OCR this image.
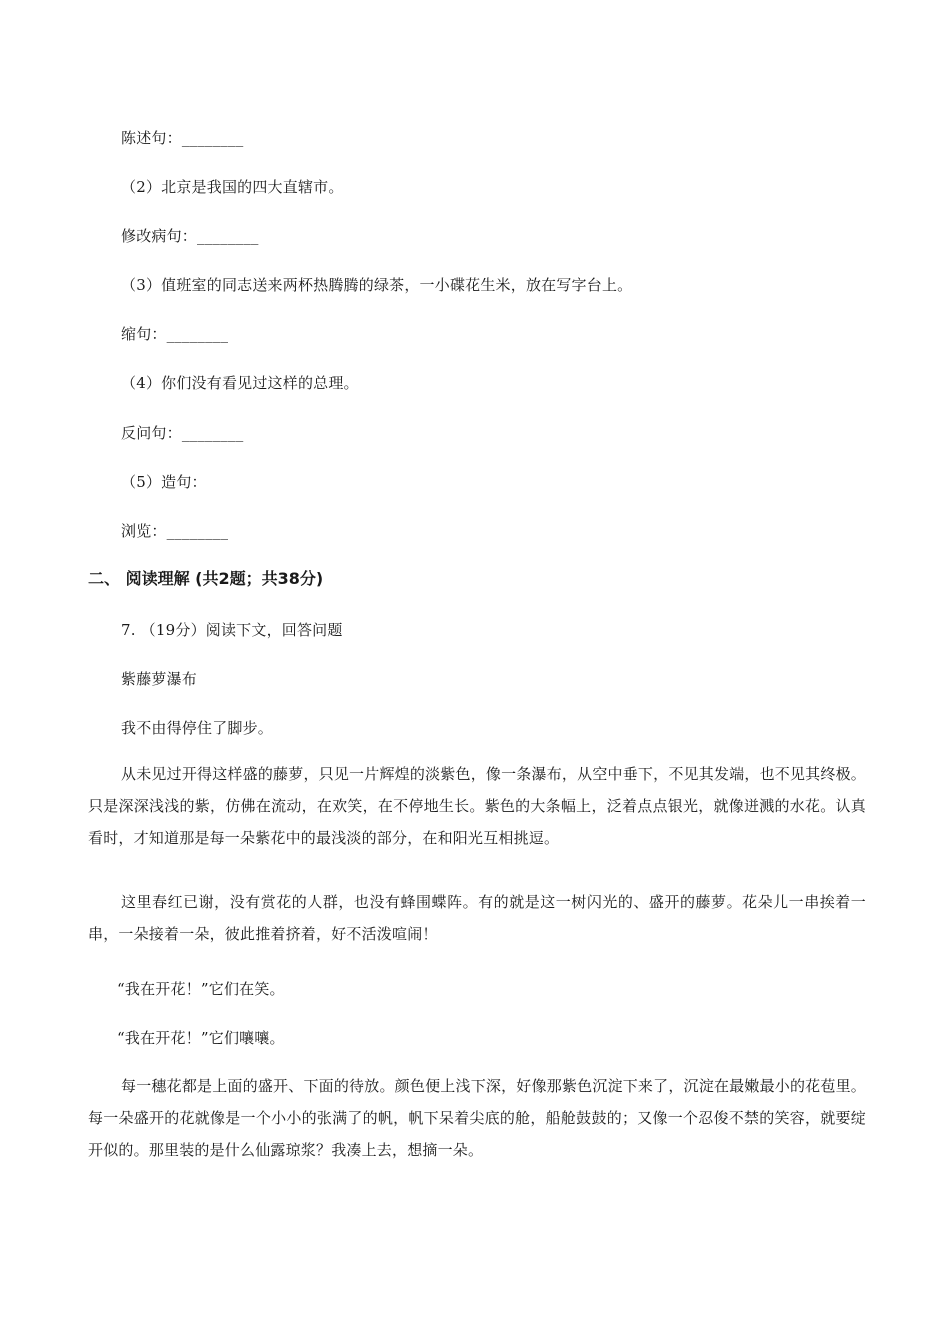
陈述句：________
（2）北京是我国的四大直辖市。
修改病句：________
（3）值班室的同志送来两杯热腾腾的绿茶，一小碟花生米，放在写字台上。
缩句：________
（4）你们没有看见过这样的总理。
反问句：________
（5）造句：
浏览：________
二、 阅读理解 (共2题；共38分)
7. （19分）阅读下文，回答问题
紫藤萝瀑布
我不由得停住了脚步。
从未见过开得这样盛的藤萝，只见一片辉煌的淡紫色，像一条瀑布，从空中垂下，不见其发端，也不见其终极。只是深深浅浅的紫，仿佛在流动，在欢笑，在不停地生长。紫色的大条幅上，泛着点点银光，就像迸溅的水花。认真看时，才知道那是每一朵紫花中的最浅淡的部分，在和阳光互相挑逗。
这里春红已谢，没有赏花的人群，也没有蜂围蝶阵。有的就是这一树闪光的、盛开的藤萝。花朵儿一串挨着一串，一朵接着一朵，彼此推着挤着，好不活泼喧闹！
“我在开花！”它们在笑。
“我在开花！”它们嚷嚷。
每一穗花都是上面的盛开、下面的待放。颜色便上浅下深，好像那紫色沉淀下来了，沉淀在最嫩最小的花苞里。每一朵盛开的花就像是一个小小的张满了的帆，帆下呆着尖底的舱，船舱鼓鼓的；又像一个忍俊不禁的笑容，就要绽开似的。那里装的是什么仙露琼浆？我凑上去，想摘一朵。
